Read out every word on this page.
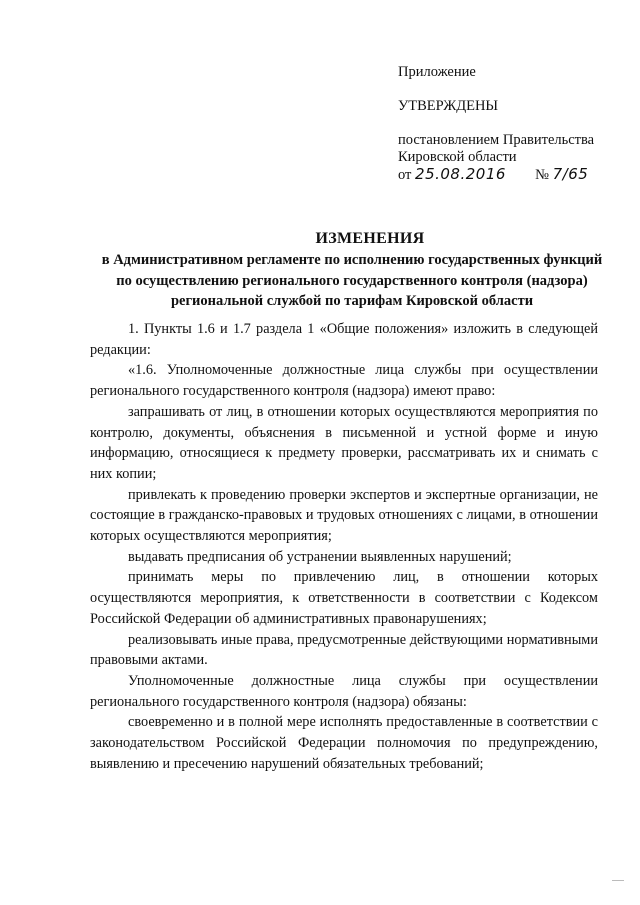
Приложение
УТВЕРЖДЕНЫ
постановлением Правительства
Кировской области
от 25.08.2016 № 7/65
ИЗМЕНЕНИЯ
в Административном регламенте по исполнению государственных функций по осуществлению регионального государственного контроля (надзора) региональной службой по тарифам Кировской области

1. Пункты 1.6 и 1.7 раздела 1 «Общие положения» изложить в следующей редакции:

«1.6. Уполномоченные должностные лица службы при осуществлении регионального государственного контроля (надзора) имеют право:

запрашивать от лиц, в отношении которых осуществляются мероприятия по контролю, документы, объяснения в письменной и устной форме и иную информацию, относящиеся к предмету проверки, рассматривать их и снимать с них копии;

привлекать к проведению проверки экспертов и экспертные организации, не состоящие в гражданско-правовых и трудовых отношениях с лицами, в отношении которых осуществляются мероприятия;

выдавать предписания об устранении выявленных нарушений;

принимать меры по привлечению лиц, в отношении которых осуществляются мероприятия, к ответственности в соответствии с Кодексом Российской Федерации об административных правонарушениях;

реализовывать иные права, предусмотренные действующими нормативными правовыми актами.

Уполномоченные должностные лица службы при осуществлении регионального государственного контроля (надзора) обязаны:

своевременно и в полной мере исполнять предоставленные в соответствии с законодательством Российской Федерации полномочия по предупреждению, выявлению и пресечению нарушений обязательных требований;
